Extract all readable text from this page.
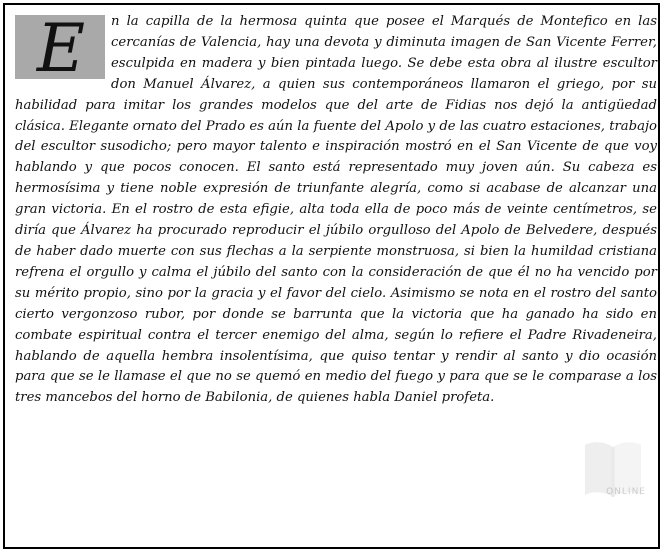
ONLINE

E n la capilla de la hermosa quinta que posee el Marqués de Montefico en las cercanías de Valencia, hay una devota y diminuta imagen de San Vicente Ferrer, esculpida en madera y bien pintada luego. Se debe esta obra al ilustre escultor don Manuel Álvarez, a quien sus contemporáneos llamaron el griego, por su habilidad para imitar los grandes modelos que del arte de Fidias nos dejó la antigüedad clásica. Elegante ornato del Prado es aún la fuente del Apolo y de las cuatro estaciones, trabajo del escultor susodicho; pero mayor talento e inspiración mostró en el San Vicente de que voy hablando y que pocos conocen. El santo está representado muy joven aún. Su cabeza es hermosísima y tiene noble expresión de triunfante alegría, como si acabase de alcanzar una gran victoria. En el rostro de esta efigie, alta toda ella de poco más de veinte centímetros, se diría que Álvarez ha procurado reproducir el júbilo orgulloso del Apolo de Belvedere, después de haber dado muerte con sus flechas a la serpiente monstruosa, si bien la humildad cristiana refrena el orgullo y calma el júbilo del santo con la consideración de que él no ha vencido por su mérito propio, sino por la gracia y el favor del cielo. Asimismo se nota en el rostro del santo cierto vergonzoso rubor, por donde se barrunta que la victoria que ha ganado ha sido en combate espiritual contra el tercer enemigo del alma, según lo refiere el Padre Rivadeneira, hablando de aquella hembra insolentísima, que quiso tentar y rendir al santo y dio ocasión para que se le llamase el que no se quemó en medio del fuego y para que se le comparase a los tres mancebos del horno de Babilonia, de quienes habla Daniel profeta.
